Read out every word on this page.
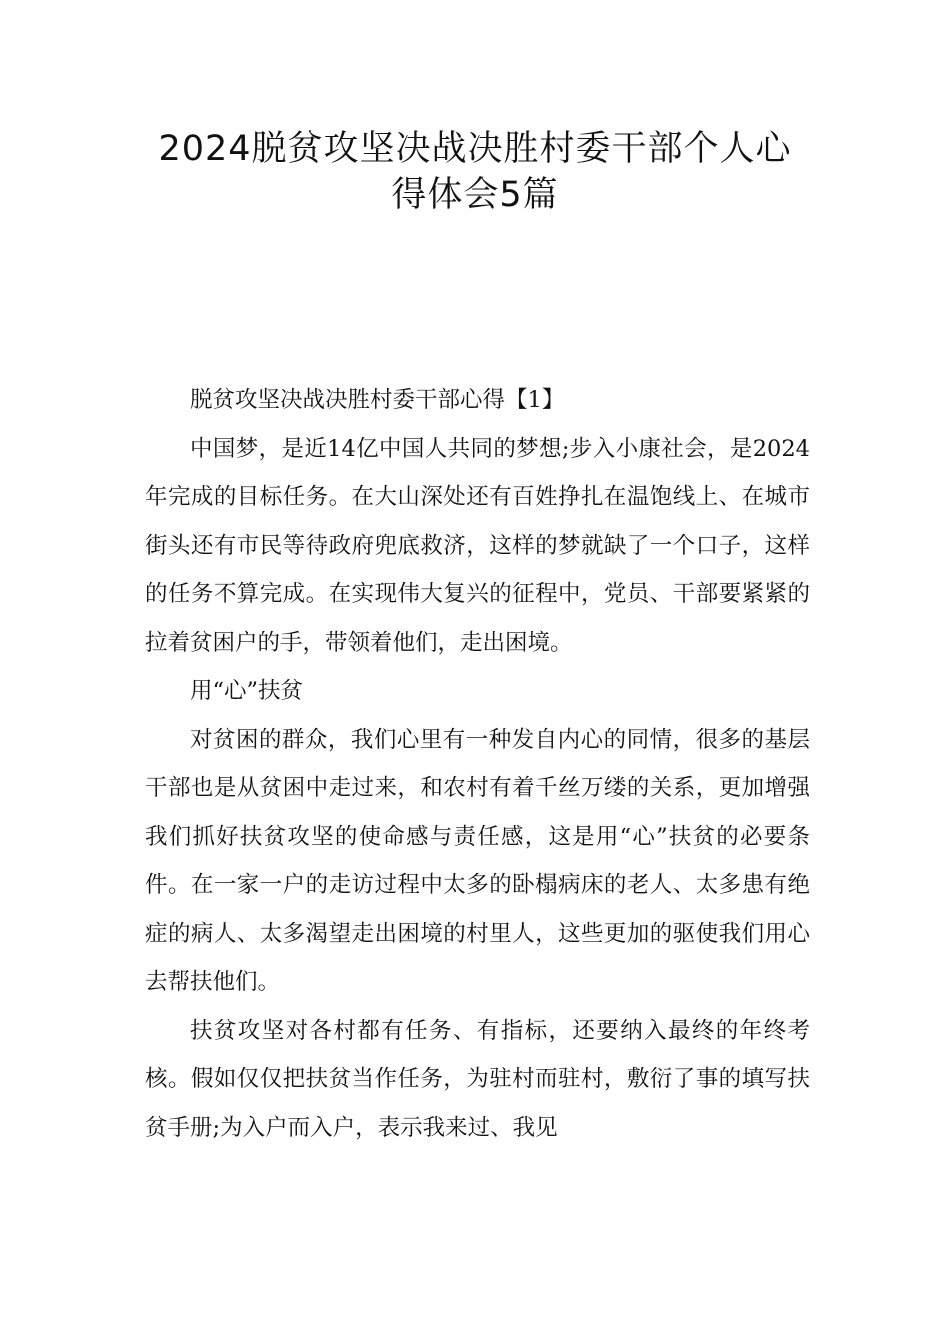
2024脱贫攻坚决战决胜村委干部个人心
得体会5篇

脱贫攻坚决战决胜村委干部心得【1】

中国梦，是近14亿中国人共同的梦想;步入小康社会，是2024年完成的目标任务。在大山深处还有百姓挣扎在温饱线上、在城市街头还有市民等待政府兜底救济，这样的梦就缺了一个口子，这样的任务不算完成。在实现伟大复兴的征程中，党员、干部要紧紧的拉着贫困户的手，带领着他们，走出困境。

用“心”扶贫

对贫困的群众，我们心里有一种发自内心的同情，很多的基层干部也是从贫困中走过来，和农村有着千丝万缕的关系，更加增强我们抓好扶贫攻坚的使命感与责任感，这是用“心”扶贫的必要条件。在一家一户的走访过程中太多的卧榻病床的老人、太多患有绝症的病人、太多渴望走出困境的村里人，这些更加的驱使我们用心去帮扶他们。

扶贫攻坚对各村都有任务、有指标，还要纳入最终的年终考核。假如仅仅把扶贫当作任务，为驻村而驻村，敷衍了事的填写扶贫手册;为入户而入户，表示我来过、我见
